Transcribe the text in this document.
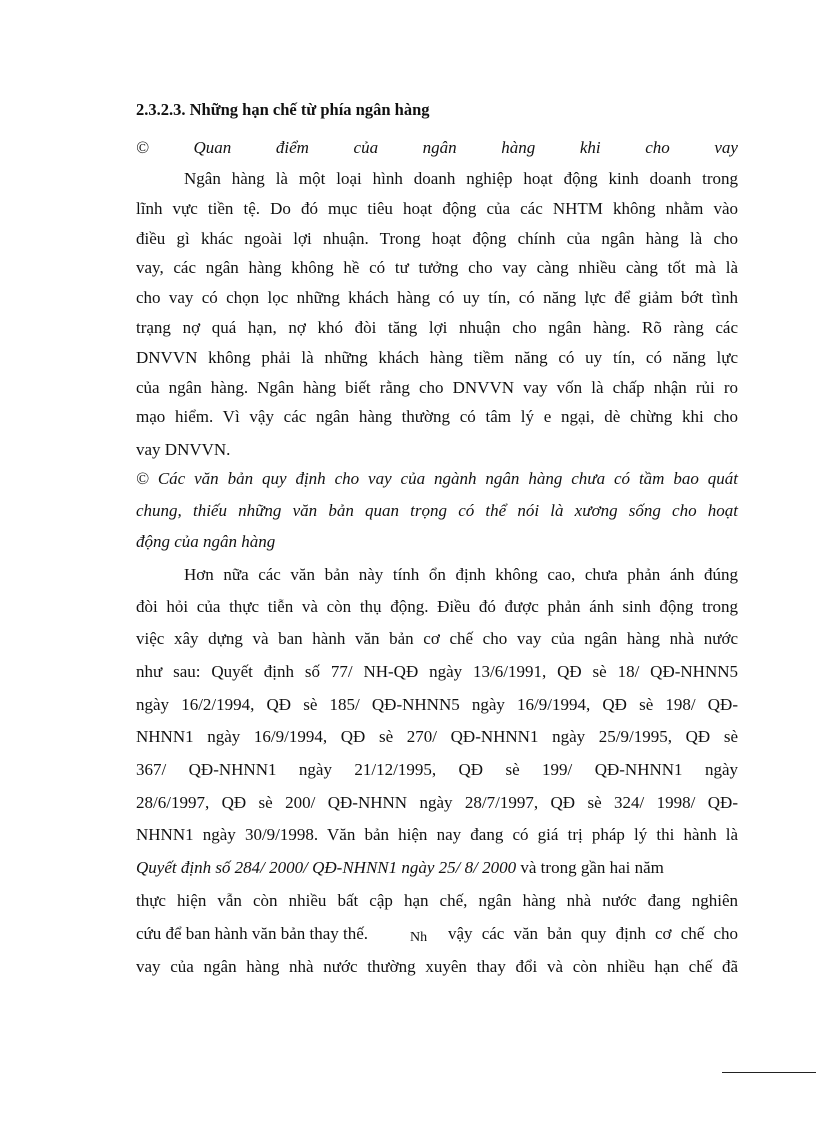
2.3.2.3. Những hạn chế từ phía ngân hàng
©	Quan	điểm	của	ngân	hàng	khi	cho	vay
Ngân hàng là một loại hình doanh nghiệp hoạt động kinh doanh trong
lĩnh vực tiền tệ. Do đó mục tiêu hoạt động của các NHTM không nhằm vào
điều gì khác ngoài lợi nhuận. Trong hoạt động chính của ngân hàng là cho
vay, các ngân hàng không hề có tư tưởng cho vay càng nhiều càng tốt mà là
cho vay có chọn lọc những khách hàng có uy tín, có năng lực để giảm bớt tình
trạng nợ quá hạn, nợ khó đòi tăng lợi nhuận cho ngân hàng. Rõ ràng các
DNVVN không phải là những khách hàng tiềm năng có uy tín, có năng lực
của ngân hàng. Ngân hàng biết rằng cho DNVVN vay vốn là chấp nhận rủi ro
mạo hiểm. Vì vậy các ngân hàng thường có tâm lý e ngại, dè chừng khi cho
vay DNVVN.
© Các văn bản quy định cho vay của ngành ngân hàng chưa có tầm bao quát
chung, thiếu những văn bản quan trọng có thể nói là xương sống cho hoạt
động của ngân hàng
Hơn nữa các văn bản này tính ổn định không cao, chưa phản ánh đúng
đòi hỏi của thực tiễn và còn thụ động. Điều đó được phản ánh sinh động trong
việc xây dựng và ban hành văn bản cơ chế cho vay của ngân hàng nhà nước
như sau: Quyết định số 77/ NH-QĐ ngày 13/6/1991, QĐ sè 18/ QĐ-NHNN5
ngày 16/2/1994, QĐ sè 185/ QĐ-NHNN5 ngày 16/9/1994, QĐ sè 198/ QĐ-
NHNN1 ngày 16/9/1994, QĐ sè 270/ QĐ-NHNN1 ngày 25/9/1995, QĐ sè
367/ QĐ-NHNN1 ngày 21/12/1995, QĐ sè 199/ QĐ-NHNN1 ngày
28/6/1997, QĐ sè 200/ QĐ-NHNN ngày 28/7/1997, QĐ sè 324/ 1998/ QĐ-
NHNN1 ngày 30/9/1998. Văn bản hiện nay đang có giá trị pháp lý thi hành là
Quyết định số 284/ 2000/ QĐ-NHNN1 ngày 25/ 8/ 2000 và trong gần hai năm
thực hiện vẫn còn nhiều bất cập hạn chế, ngân hàng nhà nước đang nghiên
cứu để ban hành văn bản thay thế.	Nh vậy các văn bản quy định cơ chế cho
vay của ngân hàng nhà nước thường xuyên thay đổi và còn nhiều hạn chế đã
